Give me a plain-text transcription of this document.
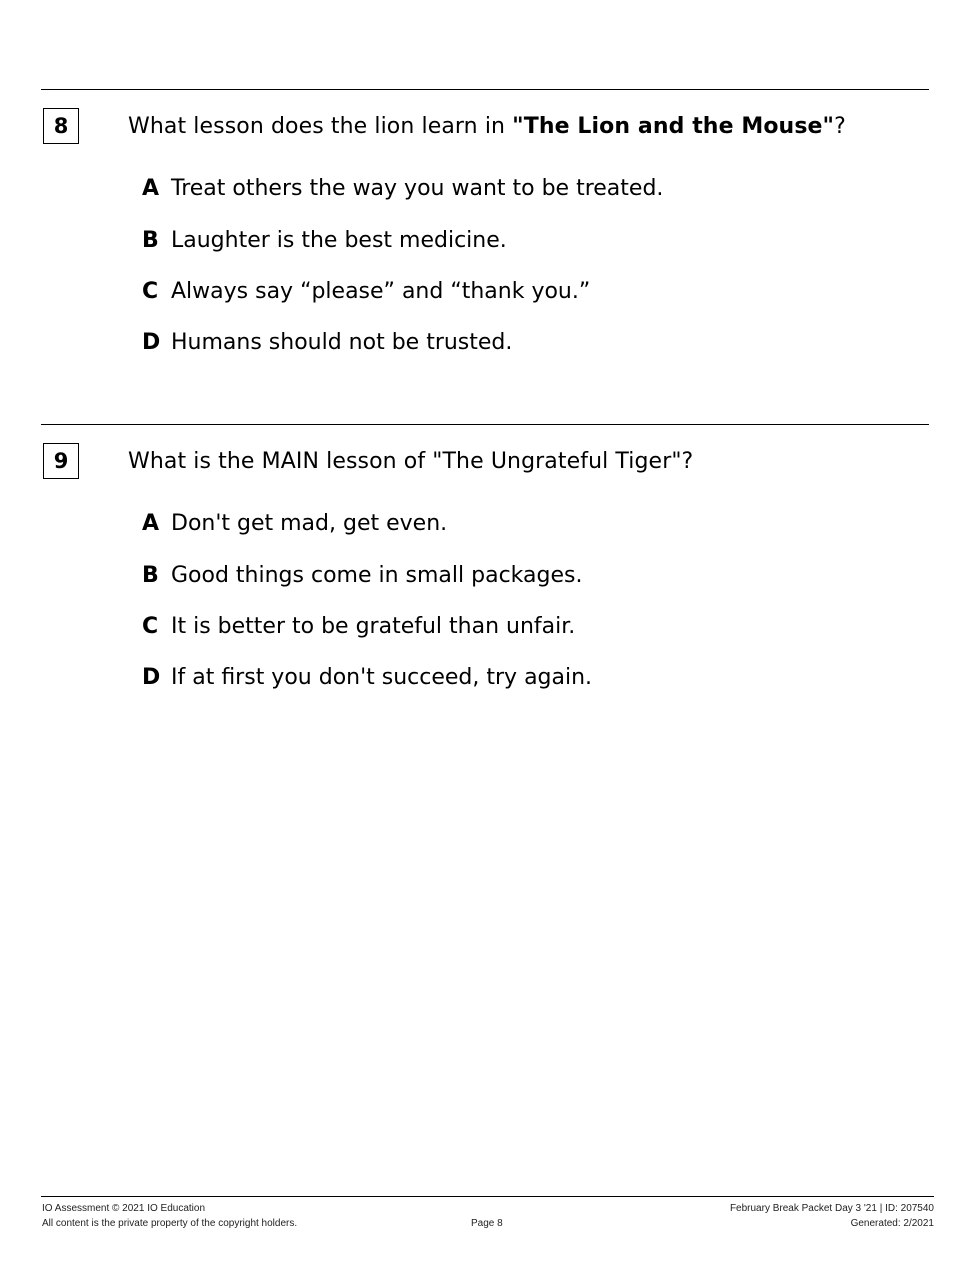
8	What lesson does the lion learn in "The Lion and the Mouse"?
A Treat others the way you want to be treated.
B Laughter is the best medicine.
C Always say “please” and “thank you.”
D Humans should not be trusted.
9	What is the MAIN lesson of "The Ungrateful Tiger"?
A Don't get mad, get even.
B Good things come in small packages.
C It is better to be grateful than unfair.
D If at first you don't succeed, try again.
IO Assessment © 2021 IO Education
All content is the private property of the copyright holders.	Page 8
February Break Packet Day 3 '21 | ID: 207540
Generated: 2/2021
